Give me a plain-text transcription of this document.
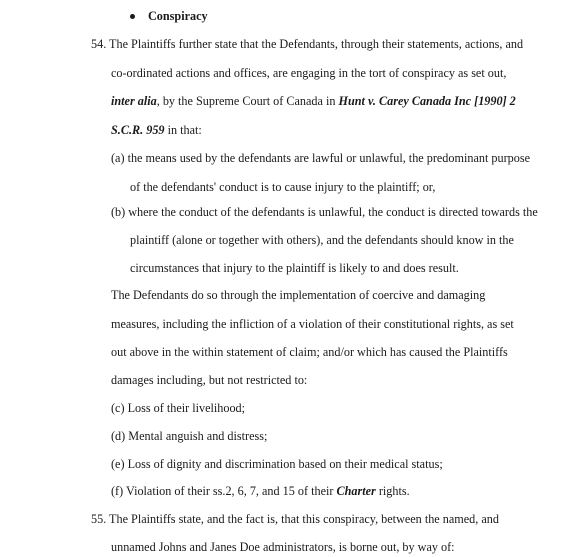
Conspiracy
54. The Plaintiffs further state that the Defendants, through their statements, actions, and
co-ordinated actions and offices, are engaging in the tort of conspiracy as set out,
inter alia, by the Supreme Court of Canada in Hunt v. Carey Canada Inc [1990] 2
S.C.R. 959 in that:
(a) the means used by the defendants are lawful or unlawful, the predominant purpose
of the defendants' conduct is to cause injury to the plaintiff; or,
(b) where the conduct of the defendants is unlawful, the conduct is directed towards the
plaintiff (alone or together with others), and the defendants should know in the
circumstances that injury to the plaintiff is likely to and does result.
The Defendants do so through the implementation of coercive and damaging
measures, including the infliction of a violation of their constitutional rights, as set
out above in the within statement of claim; and/or which has caused the Plaintiffs
damages including, but not restricted to:
(c) Loss of their livelihood;
(d) Mental anguish and distress;
(e) Loss of dignity and discrimination based on their medical status;
(f) Violation of their ss.2, 6, 7, and 15 of their Charter rights.
55. The Plaintiffs state, and the fact is, that this conspiracy, between the named, and
unnamed Johns and Janes Doe administrators, is borne out, by way of:
